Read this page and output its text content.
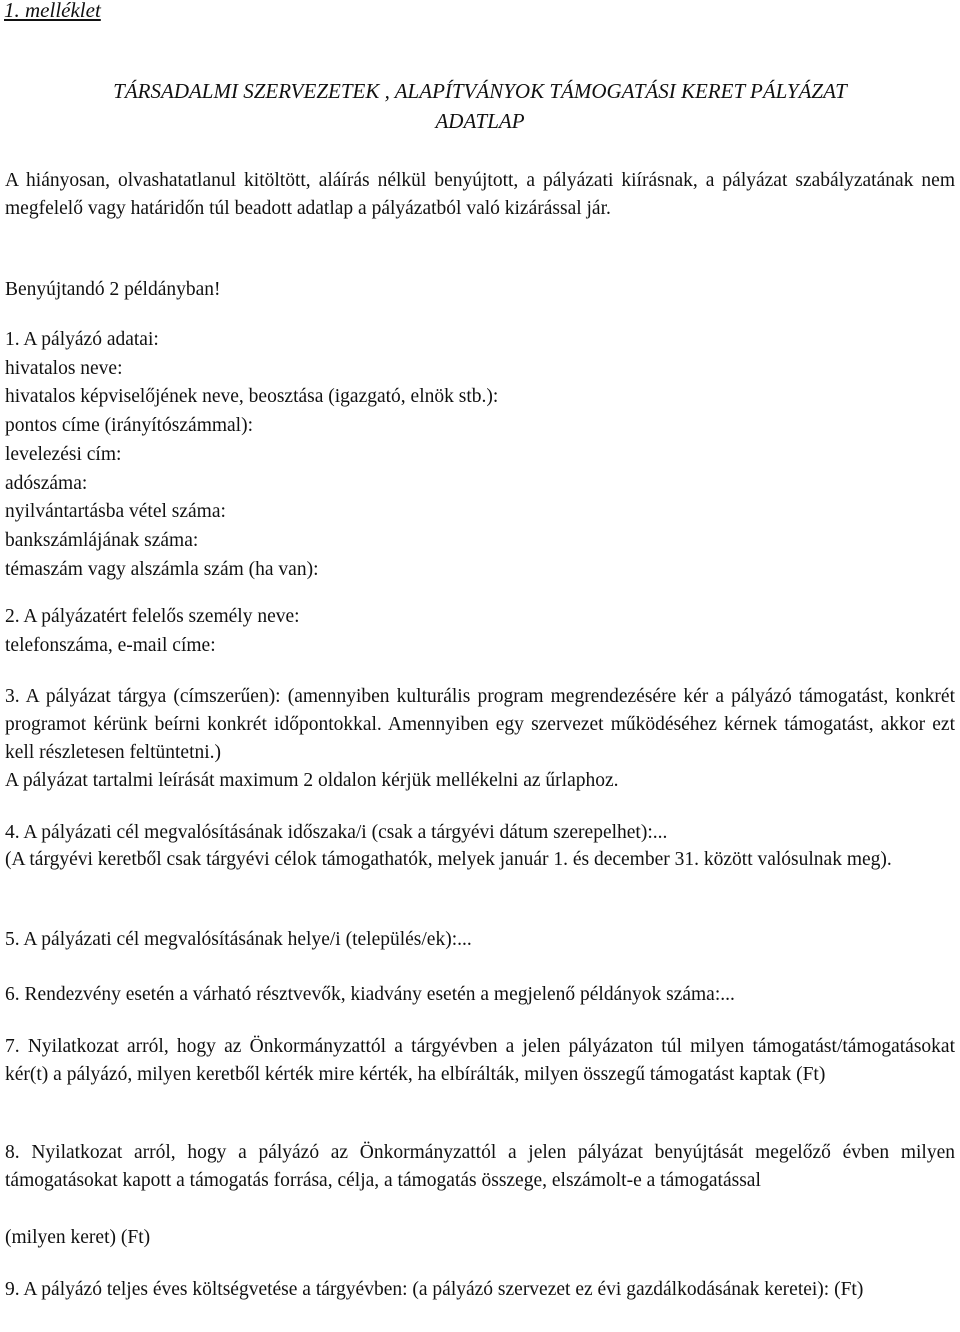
1. melléklet
TÁRSADALMI SZERVEZETEK , ALAPÍTVÁNYOK TÁMOGATÁSI KERET PÁLYÁZAT
ADATLAP

A hiányosan, olvashatatlanul kitöltött, aláírás nélkül benyújtott, a pályázati kiírásnak, a pályázat szabályzatának nem megfelelő vagy határidőn túl beadott adatlap a pályázatból való kizárással jár.

Benyújtandó 2 példányban!

1. A pályázó adatai:
hivatalos neve:
hivatalos képviselőjének neve, beosztása (igazgató, elnök stb.):
pontos címe (irányítószámmal):
levelezési cím:
adószáma:
nyilvántartásba vétel száma:
bankszámlájának száma:
témaszám vagy alszámla szám (ha van):
2. A pályázatért felelős személy neve:
telefonszáma, e-mail címe:

3. A pályázat tárgya (címszerűen): (amennyiben kulturális program megrendezésére kér a pályázó támogatást, konkrét programot kérünk beírni konkrét időpontokkal. Amennyiben egy szervezet működéséhez kérnek támogatást, akkor ezt kell részletesen feltüntetni.)

A pályázat tartalmi leírását maximum 2 oldalon kérjük mellékelni az űrlaphoz.

4. A pályázati cél megvalósításának időszaka/i (csak a tárgyévi dátum szerepelhet):...

(A tárgyévi keretből csak tárgyévi célok támogathatók, melyek január 1. és december 31. között valósulnak meg).

5. A pályázati cél megvalósításának helye/i (település/ek):...

6. Rendezvény esetén a várható résztvevők, kiadvány esetén a megjelenő példányok száma:...

7. Nyilatkozat arról, hogy az Önkormányzattól a tárgyévben a jelen pályázaton túl milyen támogatást/támogatásokat kér(t) a pályázó, milyen keretből kérték mire kérték, ha elbírálták, milyen összegű támogatást kaptak (Ft)

8. Nyilatkozat arról, hogy a pályázó az Önkormányzattól a jelen pályázat benyújtását megelőző évben milyen támogatásokat kapott a támogatás forrása, célja, a támogatás összege, elszámolt-e a támogatással

(milyen keret) (Ft)

9. A pályázó teljes éves költségvetése a tárgyévben: (a pályázó szervezet ez évi gazdálkodásának keretei): (Ft)
